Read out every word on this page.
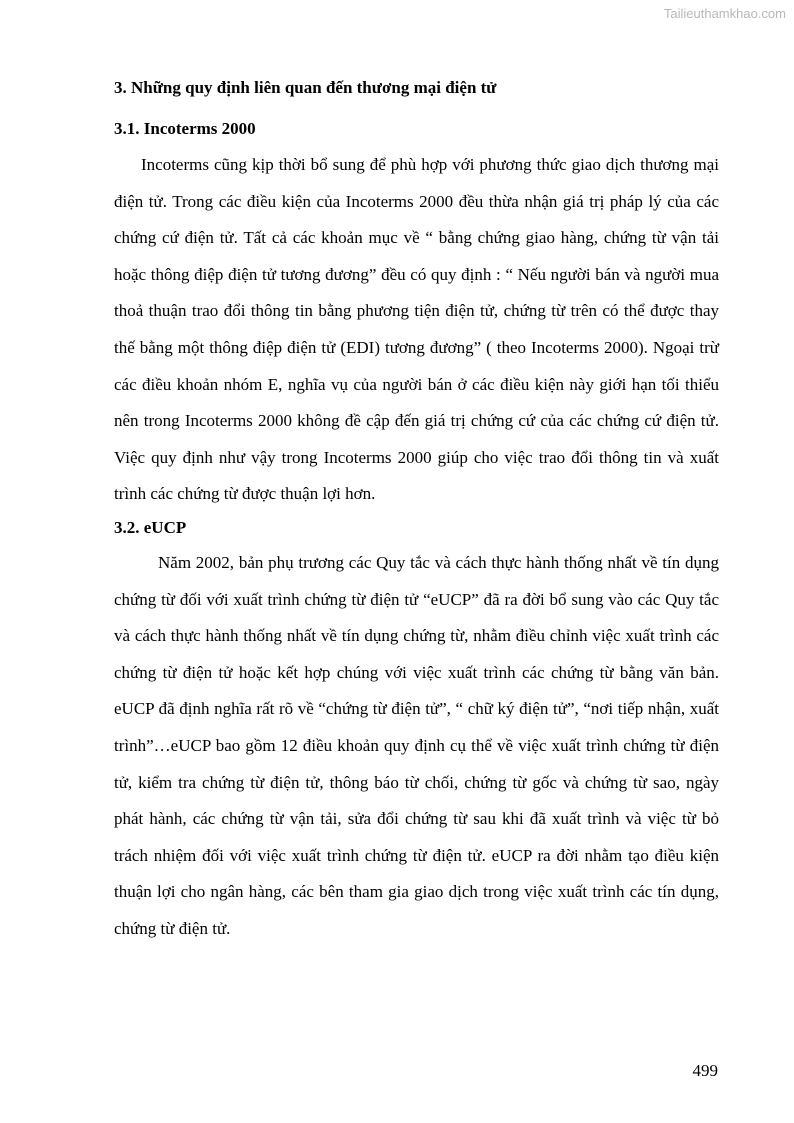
Tailieuthamkhao.com

3. Những quy định liên quan đến thương mại điện tử

3.1. Incoterms 2000

Incoterms cũng kịp thời bổ sung để phù hợp với phương thức giao dịch thương mại điện tử. Trong các điều kiện của Incoterms 2000 đều thừa nhận giá trị pháp lý của các chứng cứ điện tử. Tất cả các khoản mục về “ bằng chứng giao hàng, chứng từ vận tải hoặc thông điệp điện tử tương đương” đều có quy định : “ Nếu người bán và người mua thoả thuận trao đổi thông tin bằng phương tiện điện tử, chứng từ trên có thể được thay thế bằng một thông điệp điện tử (EDI) tương đương” ( theo Incoterms 2000). Ngoại trừ các điều khoản nhóm E, nghĩa vụ của người bán ở các điều kiện này giới hạn tối thiểu nên trong Incoterms 2000 không đề cập đến giá trị chứng cứ của các chứng cứ điện tử. Việc quy định như vậy trong Incoterms 2000 giúp cho việc trao đổi thông tin và xuất trình các chứng từ được thuận lợi hơn.

3.2. eUCP

Năm 2002, bản phụ trương các Quy tắc và cách thực hành thống nhất về tín dụng chứng từ đối với xuất trình chứng từ điện tử “eUCP” đã ra đời bổ sung vào các Quy tắc và cách thực hành thống nhất về tín dụng chứng từ, nhằm điều chỉnh việc xuất trình các chứng từ điện tử hoặc kết hợp chúng với việc xuất trình các chứng từ bằng văn bản. eUCP đã định nghĩa rất rõ về “chứng từ điện tử”, “ chữ ký điện tử”, “nơi tiếp nhận, xuất trình”…eUCP bao gồm 12 điều khoản quy định cụ thể về việc xuất trình chứng từ điện tử, kiểm tra chứng từ điện tử, thông báo từ chối, chứng từ gốc và chứng từ sao, ngày phát hành, các chứng từ vận tải, sửa đổi chứng từ sau khi đã xuất trình và việc từ bỏ trách nhiệm đối với việc xuất trình chứng từ điện tử. eUCP ra đời nhằm tạo điều kiện thuận lợi cho ngân hàng, các bên tham gia giao dịch trong việc xuất trình các tín dụng, chứng từ điện tử.

499
